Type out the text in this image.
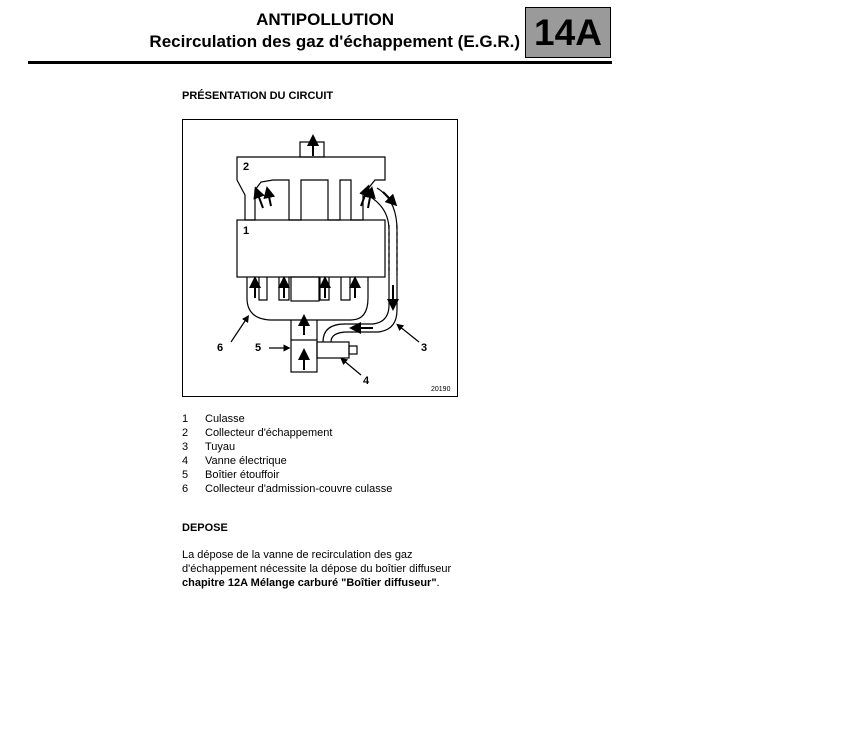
ANTIPOLLUTION
Recirculation des gaz d'échappement (E.G.R.) 14A
PRÉSENTATION DU CIRCUIT
2
1
3
4
5
6
20190
1	Culasse
2	Collecteur d'échappement
3	Tuyau
4	Vanne électrique
5	Boîtier étouffoir
6	Collecteur d'admission-couvre culasse
DEPOSE
La dépose de la vanne de recirculation des gaz d'échappement nécessite la dépose du boîtier diffuseur chapitre 12A Mélange carburé "Boîtier diffuseur".
